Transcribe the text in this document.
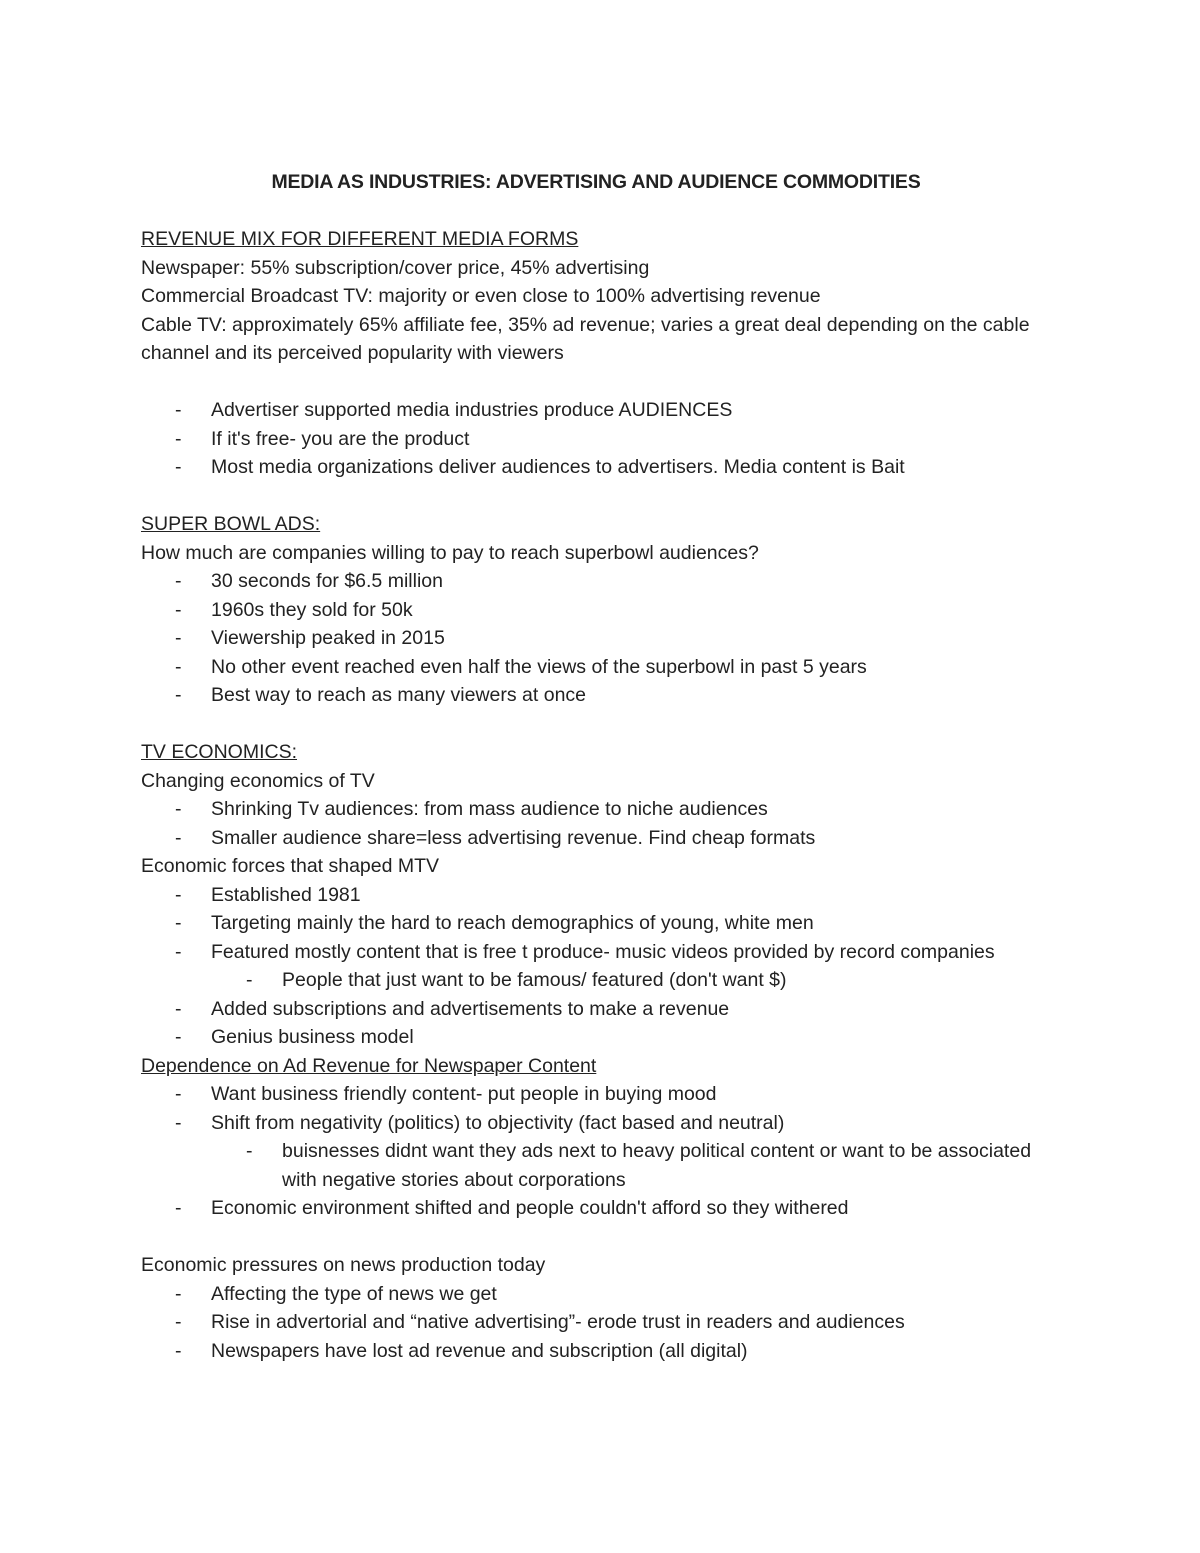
MEDIA AS INDUSTRIES: ADVERTISING AND AUDIENCE COMMODITIES

REVENUE MIX FOR DIFFERENT MEDIA FORMS

Newspaper: 55% subscription/cover price, 45% advertising

Commercial Broadcast TV: majority or even close to 100% advertising revenue

Cable TV: approximately 65% affiliate fee, 35% ad revenue; varies a great deal depending on the cable channel and its perceived popularity with viewers

- Advertiser supported media industries produce AUDIENCES
- If it's free- you are the product
- Most media organizations deliver audiences to advertisers. Media content is Bait

SUPER BOWL ADS:

How much are companies willing to pay to reach superbowl audiences?

- 30 seconds for $6.5 million
- 1960s they sold for 50k
- Viewership peaked in 2015
- No other event reached even half the views of the superbowl in past 5 years
- Best way to reach as many viewers at once

TV ECONOMICS:

Changing economics of TV

- Shrinking Tv audiences: from mass audience to niche audiences
- Smaller audience share=less advertising revenue. Find cheap formats

Economic forces that shaped MTV

- Established 1981
- Targeting mainly the hard to reach demographics of young, white men
- Featured mostly content that is free t produce- music videos provided by record companies
- People that just want to be famous/ featured (don't want $)
- Added subscriptions and advertisements to make a revenue
- Genius business model

Dependence on Ad Revenue for Newspaper Content

- Want business friendly content- put people in buying mood
- Shift from negativity (politics) to objectivity (fact based and neutral)
- buisnesses didnt want they ads next to heavy political content or want to be associated with negative stories about corporations
- Economic environment shifted and people couldn't afford so they withered

Economic pressures on news production today

- Affecting the type of news we get
- Rise in advertorial and “native advertising”- erode trust in readers and audiences
- Newspapers have lost ad revenue and subscription (all digital)
